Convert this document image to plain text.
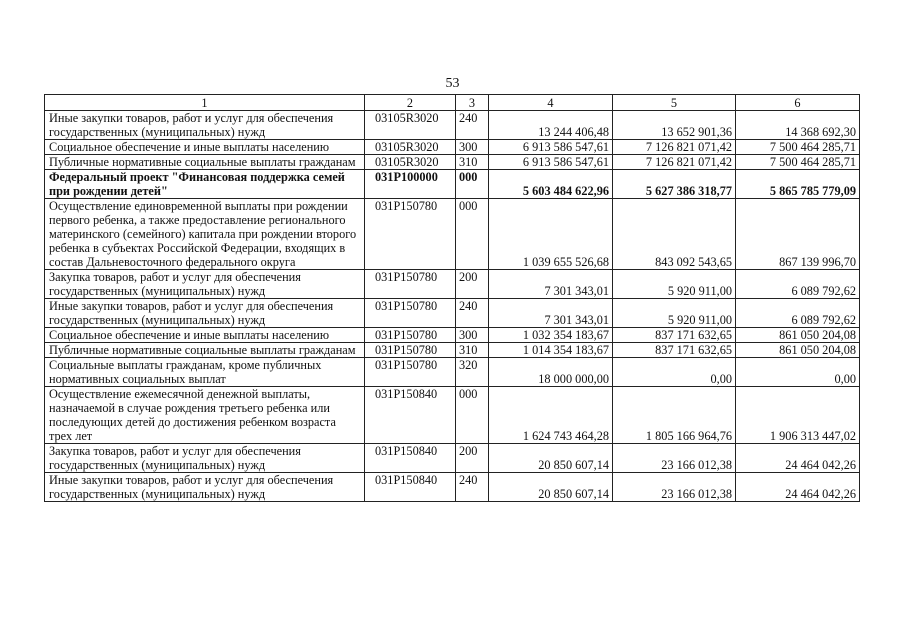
53
1	2	3	4	5	6
Иные закупки товаров, работ и услуг для обеспечения государственных (муниципальных) нужд	03105R3020	240	13 244 406,48	13 652 901,36	14 368 692,30
Социальное обеспечение и иные выплаты населению	03105R3020	300	6 913 586 547,61	7 126 821 071,42	7 500 464 285,71
Публичные нормативные социальные выплаты гражданам	03105R3020	310	6 913 586 547,61	7 126 821 071,42	7 500 464 285,71
Федеральный проект "Финансовая поддержка семей при рождении детей"	031P100000	000	5 603 484 622,96	5 627 386 318,77	5 865 785 779,09
Осуществление единовременной выплаты при рождении первого ребенка, а также предоставление регионального материнского (семейного) капитала при рождении второго ребенка в субъектах Российской Федерации, входящих в состав Дальневосточного федерального округа	031P150780	000	1 039 655 526,68	843 092 543,65	867 139 996,70
Закупка товаров, работ и услуг для обеспечения государственных (муниципальных) нужд	031P150780	200	7 301 343,01	5 920 911,00	6 089 792,62
Иные закупки товаров, работ и услуг для обеспечения государственных (муниципальных) нужд	031P150780	240	7 301 343,01	5 920 911,00	6 089 792,62
Социальное обеспечение и иные выплаты населению	031P150780	300	1 032 354 183,67	837 171 632,65	861 050 204,08
Публичные нормативные социальные выплаты гражданам	031P150780	310	1 014 354 183,67	837 171 632,65	861 050 204,08
Социальные выплаты гражданам, кроме публичных нормативных социальных выплат	031P150780	320	18 000 000,00	0,00	0,00
Осуществление ежемесячной денежной выплаты, назначаемой в случае рождения третьего ребенка или последующих детей до достижения ребенком возраста трех лет	031P150840	000	1 624 743 464,28	1 805 166 964,76	1 906 313 447,02
Закупка товаров, работ и услуг для обеспечения государственных (муниципальных) нужд	031P150840	200	20 850 607,14	23 166 012,38	24 464 042,26
Иные закупки товаров, работ и услуг для обеспечения государственных (муниципальных) нужд	031P150840	240	20 850 607,14	23 166 012,38	24 464 042,26
